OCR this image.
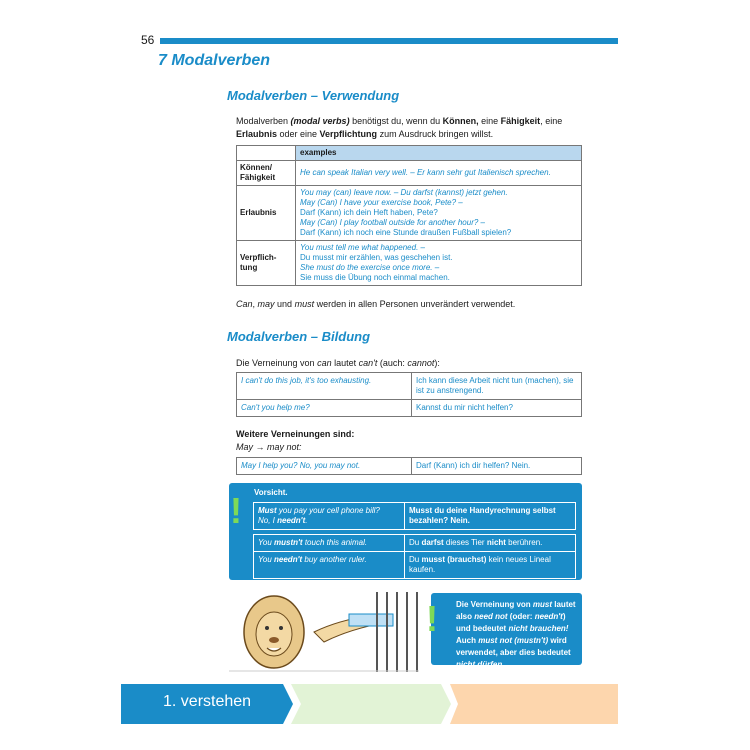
56
7 Modalverben
Modalverben – Verwendung
Modalverben (modal verbs) benötigst du, wenn du Können, eine Fähigkeit, eine Erlaubnis oder eine Verpflichtung zum Ausdruck bringen willst.
	examples
Können/ Fähigkeit	He can speak Italian very well. – Er kann sehr gut Italienisch sprechen.

Erlaubnis	You may (can) leave now. – Du darfst (kannst) jetzt gehen.
May (Can) I have your exercise book, Pete? –
Darf (Kann) ich dein Heft haben, Pete?
May (Can) I play football outside for another hour? –
Darf (Kann) ich noch eine Stunde draußen Fußball spielen?

Verpflich- tung	You must tell me what happened. –
Du musst mir erzählen, was geschehen ist.
She must do the exercise once more. –
Sie muss die Übung noch einmal machen.
Can, may und must werden in allen Personen unverändert verwendet.
Modalverben – Bildung
Die Verneinung von can lautet can't (auch: cannot):
I can't do this job, it's too exhausting.	Ich kann diese Arbeit nicht tun (machen), sie ist zu anstrengend.
Can't you help me?	Kannst du mir nicht helfen?
Weitere Verneinungen sind:
May → may not:
May I help you? No, you may not.	Darf (Kann) ich dir helfen? Nein.
! Vorsicht.
Must you pay your cell phone bill?
No, I needn't.	Musst du deine Handyrechnung selbst bezahlen? Nein.

You mustn't touch this animal.	Du darfst dieses Tier nicht berühren.
You needn't buy another ruler.	Du musst (brauchst) kein neues Lineal kaufen.
! Die Verneinung von must lautet also need not (oder: needn't) und bedeutet nicht brauchen! Auch must not (mustn't) wird verwendet, aber dies bedeutet nicht dürfen.
1. verstehen
